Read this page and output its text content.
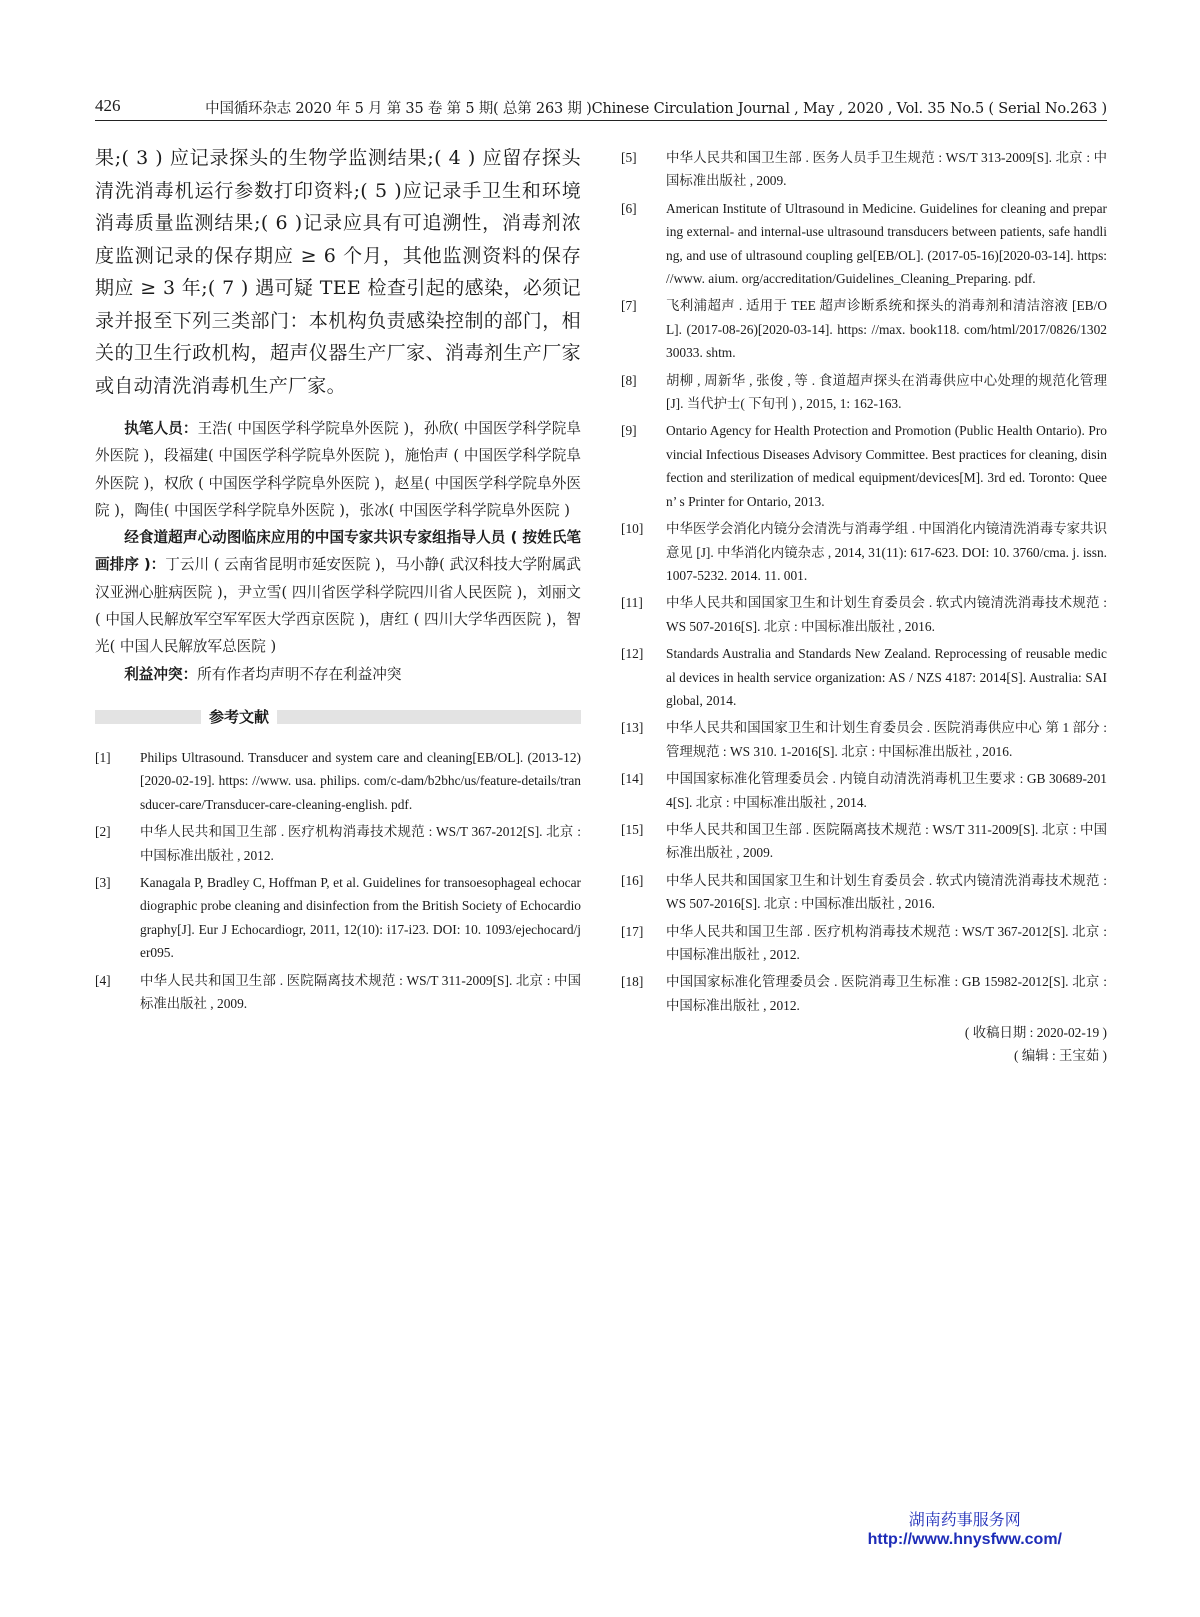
426	中国循环杂志 2020 年 5 月 第 35 卷 第 5 期( 总第 263 期 )Chinese Circulation Journal , May , 2020 , Vol. 35 No.5 ( Serial No.263 )

果;( 3 ) 应记录探头的生物学监测结果;( 4 ) 应留存探头清洗消毒机运行参数打印资料;( 5 )应记录手卫生和环境消毒质量监测结果;( 6 )记录应具有可追溯性，消毒剂浓度监测记录的保存期应 ≥ 6 个月，其他监测资料的保存期应 ≥ 3 年;( 7 ) 遇可疑 TEE 检查引起的感染，必须记录并报至下列三类部门：本机构负责感染控制的部门，相关的卫生行政机构，超声仪器生产厂家、消毒剂生产厂家或自动清洗消毒机生产厂家。

执笔人员：王浩( 中国医学科学院阜外医院 )，孙欣( 中国医学科学院阜外医院 )，段福建( 中国医学科学院阜外医院 )，施怡声 ( 中国医学科学院阜外医院 )，权欣 ( 中国医学科学院阜外医院 )，赵星( 中国医学科学院阜外医院 )，陶佳( 中国医学科学院阜外医院 )，张冰( 中国医学科学院阜外医院 )

经食道超声心动图临床应用的中国专家共识专家组指导人员 ( 按姓氏笔画排序 )：丁云川 ( 云南省昆明市延安医院 )，马小静( 武汉科技大学附属武汉亚洲心脏病医院 )，尹立雪( 四川省医学科学院四川省人民医院 )，刘丽文 ( 中国人民解放军空军军医大学西京医院 )，唐红 ( 四川大学华西医院 )，智光( 中国人民解放军总医院 )

利益冲突：所有作者均声明不存在利益冲突

参考文献
[1]	Philips Ultrasound. Transducer and system care and cleaning[EB/OL]. (2013-12)[2020-02-19]. https: //www. usa. philips. com/c-dam/b2bhc/us/feature-details/transducer-care/Transducer-care-cleaning-english. pdf.
[2]	中华人民共和国卫生部 . 医疗机构消毒技术规范 : WS/T 367-2012[S]. 北京 : 中国标准出版社 , 2012.
[3]	Kanagala P, Bradley C, Hoffman P, et al. Guidelines for transoesophageal echocardiographic probe cleaning and disinfection from the British Society of Echocardiography[J]. Eur J Echocardiogr, 2011, 12(10): i17-i23. DOI: 10. 1093/ejechocard/jer095.
[4]	中华人民共和国卫生部 . 医院隔离技术规范 : WS/T 311-2009[S]. 北京 : 中国标准出版社 , 2009.
[5]	中华人民共和国卫生部 . 医务人员手卫生规范 : WS/T 313-2009[S]. 北京 : 中国标准出版社 , 2009.
[6]	American Institute of Ultrasound in Medicine. Guidelines for cleaning and preparing external- and internal-use ultrasound transducers between patients, safe handling, and use of ultrasound coupling gel[EB/OL]. (2017-05-16)[2020-03-14]. https: //www. aium. org/accreditation/Guidelines_Cleaning_Preparing. pdf.
[7]	飞利浦超声 . 适用于 TEE 超声诊断系统和探头的消毒剂和清洁溶液 [EB/OL]. (2017-08-26)[2020-03-14]. https: //max. book118. com/html/2017/0826/130230033. shtm.
[8]	胡柳 , 周新华 , 张俊 , 等 . 食道超声探头在消毒供应中心处理的规范化管理 [J]. 当代护士( 下旬刊 ) , 2015, 1: 162-163.
[9]	Ontario Agency for Health Protection and Promotion (Public Health Ontario). Provincial Infectious Diseases Advisory Committee. Best practices for cleaning, disinfection and sterilization of medical equipment/devices[M]. 3rd ed. Toronto: Queen’ s Printer for Ontario, 2013.
[10]	中华医学会消化内镜分会清洗与消毒学组 . 中国消化内镜清洗消毒专家共识意见 [J]. 中华消化内镜杂志 , 2014, 31(11): 617-623. DOI: 10. 3760/cma. j. issn. 1007-5232. 2014. 11. 001.
[11]	中华人民共和国国家卫生和计划生育委员会 . 软式内镜清洗消毒技术规范 : WS 507-2016[S]. 北京 : 中国标准出版社 , 2016.
[12]	Standards Australia and Standards New Zealand. Reprocessing of reusable medical devices in health service organization: AS / NZS 4187: 2014[S]. Australia: SAI global, 2014.
[13]	中华人民共和国国家卫生和计划生育委员会 . 医院消毒供应中心 第 1 部分 : 管理规范 : WS 310. 1-2016[S]. 北京 : 中国标准出版社 , 2016.
[14]	中国国家标准化管理委员会 . 内镜自动清洗消毒机卫生要求 : GB 30689-2014[S]. 北京 : 中国标准出版社 , 2014.
[15]	中华人民共和国卫生部 . 医院隔离技术规范 : WS/T 311-2009[S]. 北京 : 中国标准出版社 , 2009.
[16]	中华人民共和国国家卫生和计划生育委员会 . 软式内镜清洗消毒技术规范 : WS 507-2016[S]. 北京 : 中国标准出版社 , 2016.
[17]	中华人民共和国卫生部 . 医疗机构消毒技术规范 : WS/T 367-2012[S]. 北京 : 中国标准出版社 , 2012.
[18]	中国国家标准化管理委员会 . 医院消毒卫生标准 : GB 15982-2012[S]. 北京 : 中国标准出版社 , 2012.
( 收稿日期 : 2020-02-19 )
( 编辑 : 王宝茹 )
湖南药事服务网
http://www.hnysfww.com/
